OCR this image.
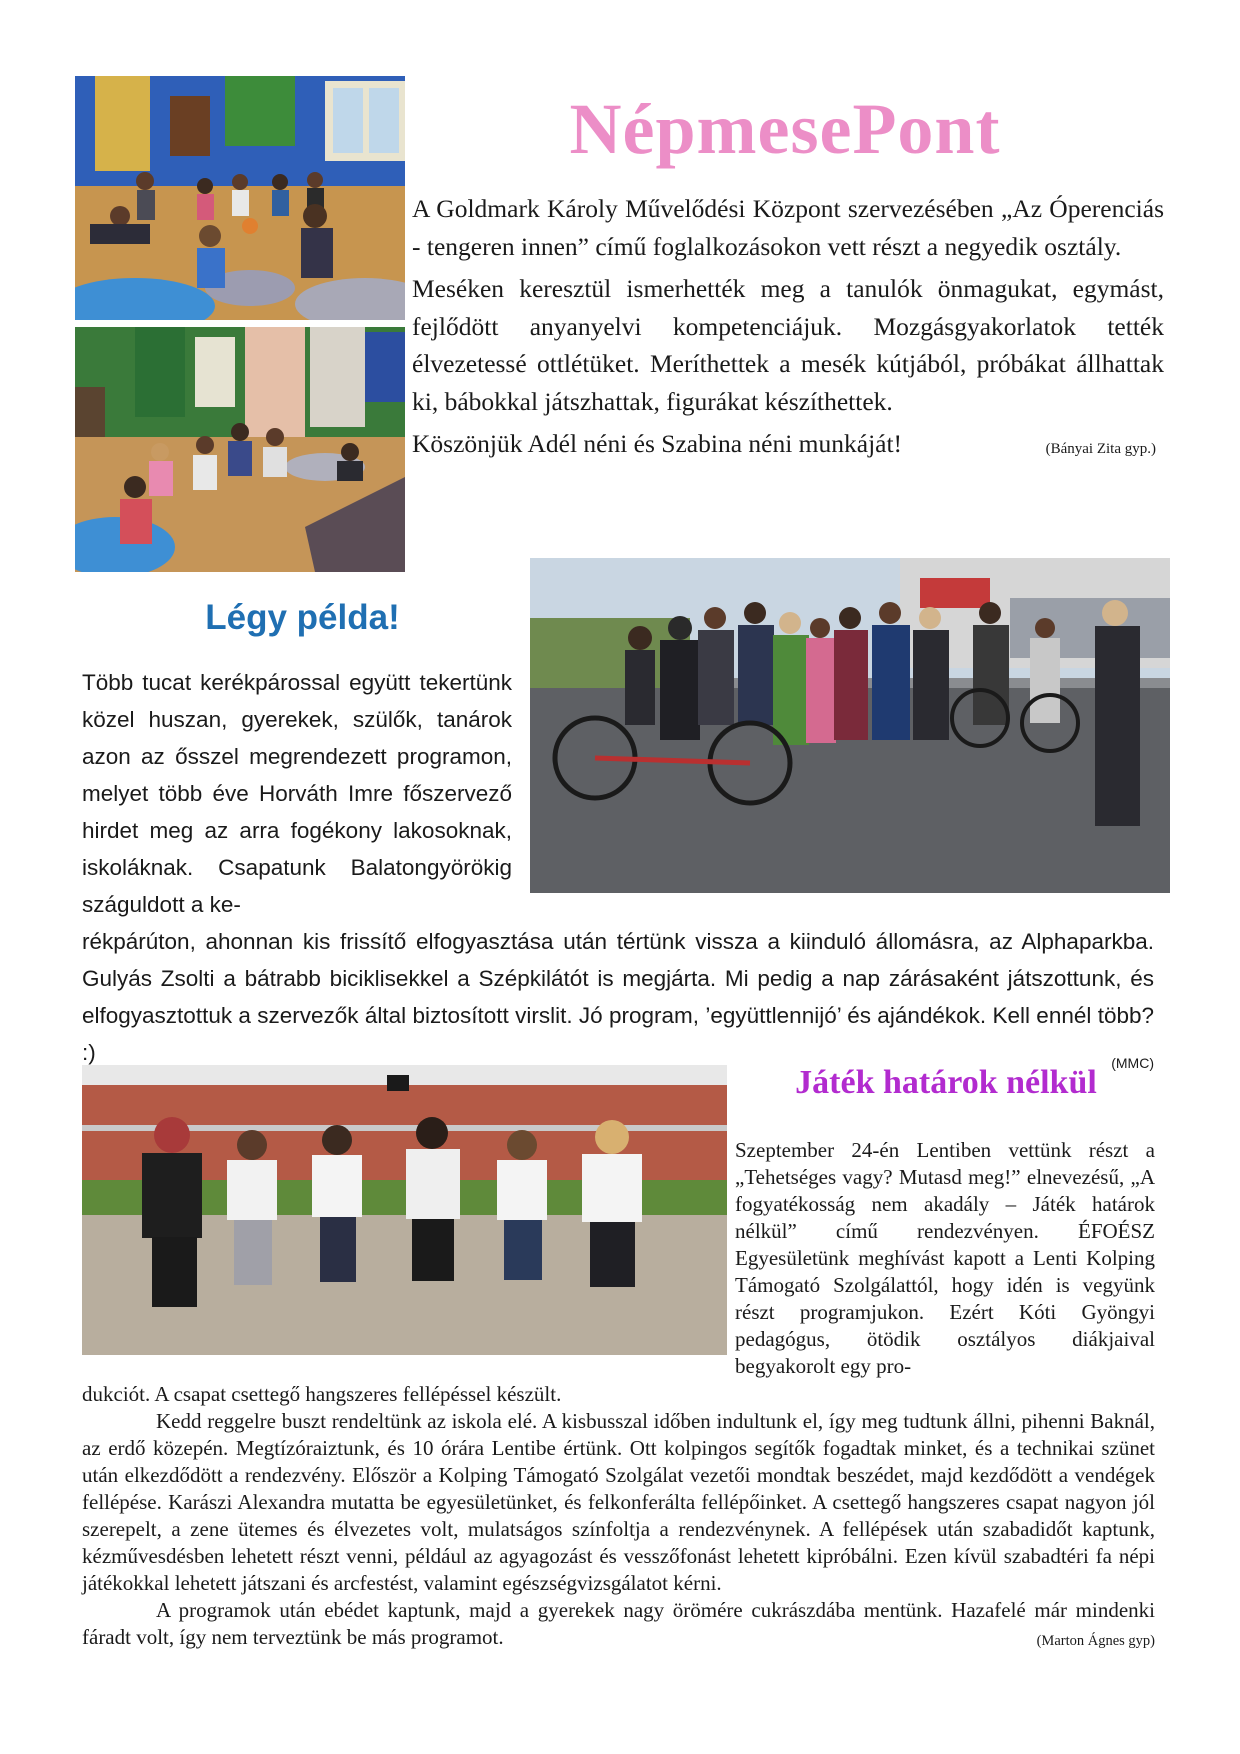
NépmesePont

A Goldmark Károly Művelődési Központ szervezésében „Az Óperenciás - tengeren innen” című foglalkozásokon vett részt a negyedik osztály.

Meséken keresztül ismerhették meg a tanulók önmagukat, egymást, fejlődött anyanyelvi kompetenciájuk. Mozgásgyakorlatok tették élvezetessé ottlétüket. Meríthettek a mesék kútjából, próbákat állhattak ki, bábokkal játszhattak, figurákat készíthettek.

Köszönjük Adél néni és Szabina néni munkáját!	(Bányai Zita gyp.)

Légy példa!
Több tucat kerékpárossal együtt tekertünk közel huszan, gyerekek, szülők, tanárok azon az ősszel megrendezett programon, melyet több éve Horváth Imre főszervező hirdet meg az arra fogékony lakosoknak, iskoláknak. Csapatunk Balatongyörökig száguldott a ke-

rékpárúton, ahonnan kis frissítő elfogyasztása után tértünk vissza a kiinduló állomásra, az Alphaparkba. Gulyás Zsolti a bátrabb biciklisekkel a Szépkilátót is megjárta. Mi pedig a nap zárásaként játszottunk, és elfogyasztottuk a szervezők által biztosított virslit. Jó program, ’együttlennijó’ és ajándékok. Kell ennél több? :)	(MMC)

Játék határok nélkül
Szeptember 24-én Lentiben vettünk részt a „Tehetséges vagy? Mutasd meg!” elnevezésű, „A fogyatékosság nem akadály – Játék határok nélkül” című rendezvényen. ÉFOÉSZ Egyesületünk meghívást kapott a Lenti Kolping Támogató Szolgálattól, hogy idén is vegyünk részt programjukon. Ezért Kóti Gyöngyi pedagógus, ötödik osztályos diákjaival begyakorolt egy pro-

dukciót. A csapat csettegő hangszeres fellépéssel készült.

Kedd reggelre buszt rendeltünk az iskola elé. A kisbusszal időben indultunk el, így meg tudtunk állni, pihenni Baknál, az erdő közepén. Megtízóraiztunk, és 10 órára Lentibe értünk. Ott kolpingos segítők fogadtak minket, és a technikai szünet után elkezdődött a rendezvény. Először a Kolping Támogató Szolgálat vezetői mondtak beszédet, majd kezdődött a vendégek fellépése. Karászi Alexandra mutatta be egyesületünket, és felkonferálta fellépőinket. A csettegő hangszeres csapat nagyon jól szerepelt, a zene ütemes és élvezetes volt, mulatságos színfoltja a rendezvénynek. A fellépések után szabadidőt kaptunk, kézművesdésben lehetett részt venni, például az agyagozást és vesszőfonást lehetett kipróbálni. Ezen kívül szabadtéri fa népi játékokkal lehetett játszani és arcfestést, valamint egészségvizsgálatot kérni.

A programok után ebédet kaptunk, majd a gyerekek nagy örömére cukrászdába mentünk. Hazafelé már mindenki fáradt volt, így nem terveztünk be más programot.	(Marton Ágnes gyp)
